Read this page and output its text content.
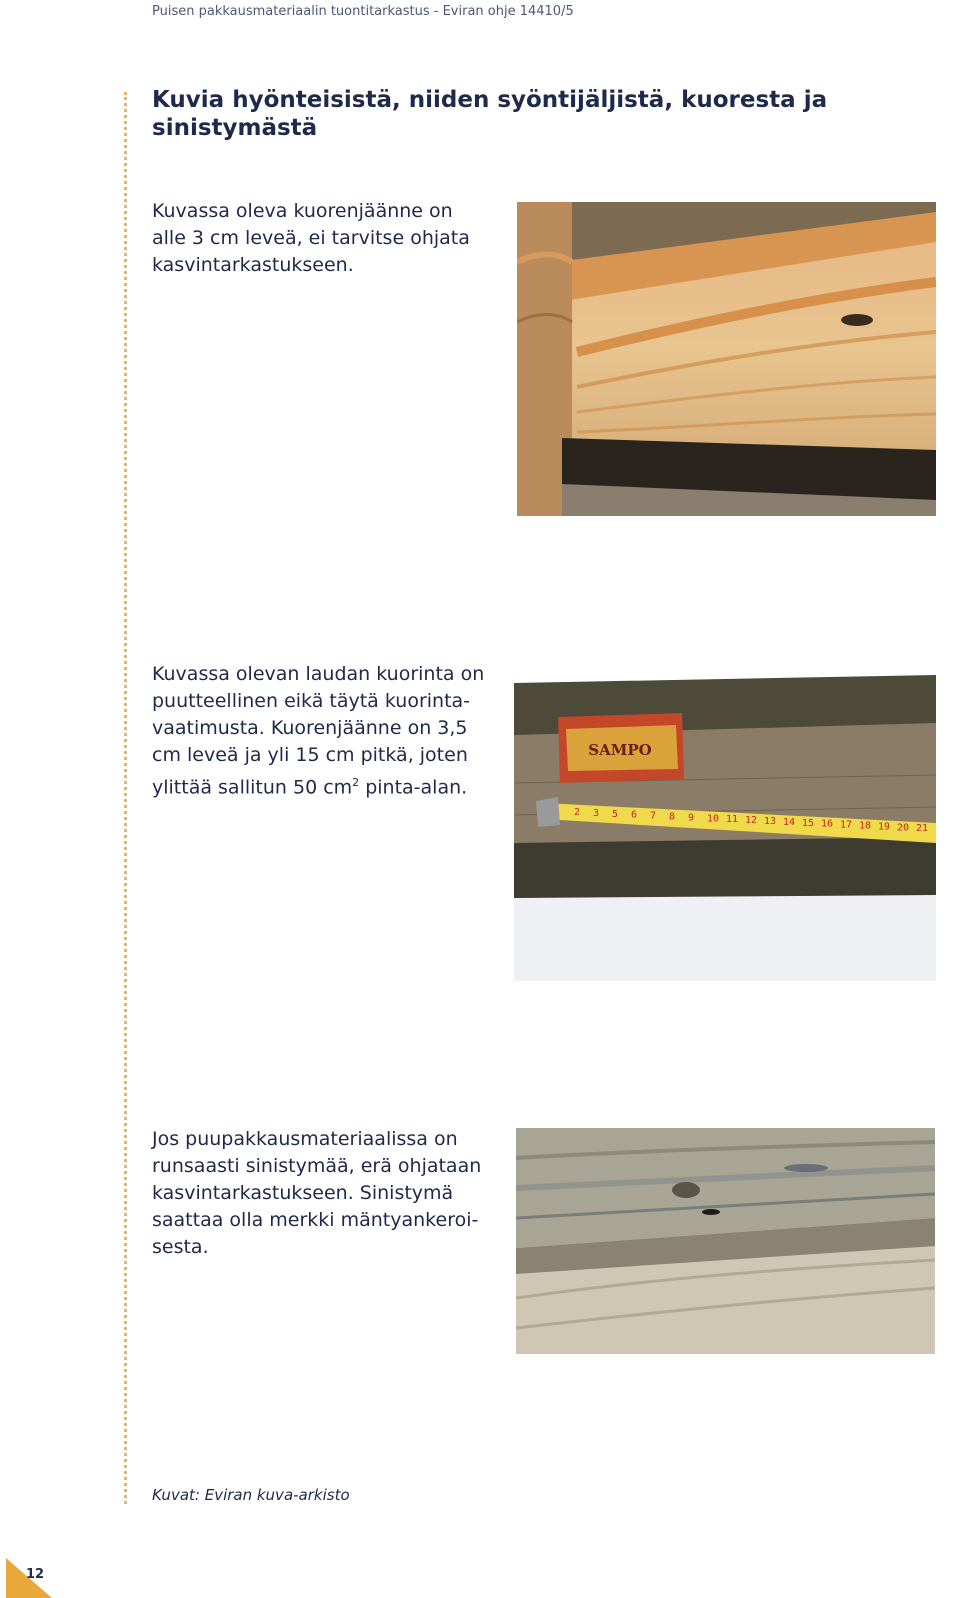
Puisen pakkausmateriaalin tuontitarkastus - Eviran ohje 14410/5
Kuvia hyönteisistä, niiden syöntijäljistä, kuoresta ja sinistymästä

Kuvassa oleva kuorenjäänne on alle 3 cm leveä, ei tarvitse ohjata kasvintarkastukseen.

Kuvassa olevan laudan kuorinta on puutteellinen eikä täytä kuorinta-vaatimusta. Kuorenjäänne on 3,5 cm leveä ja yli 15 cm pitkä, joten ylittää sallitun 50 $cm^2$ pinta-alan.

SAMPO
2 3 5 6 7 8 9 10 11 12 13 14 15 16 17 18 19 20 21

Jos puupakkausmateriaalissa on runsaasti sinistymää, erä ohjataan kasvintarkastukseen. Sinistymä saattaa olla merkki mäntyankeroi-sesta.

Kuvat: Eviran kuva-arkisto
12
